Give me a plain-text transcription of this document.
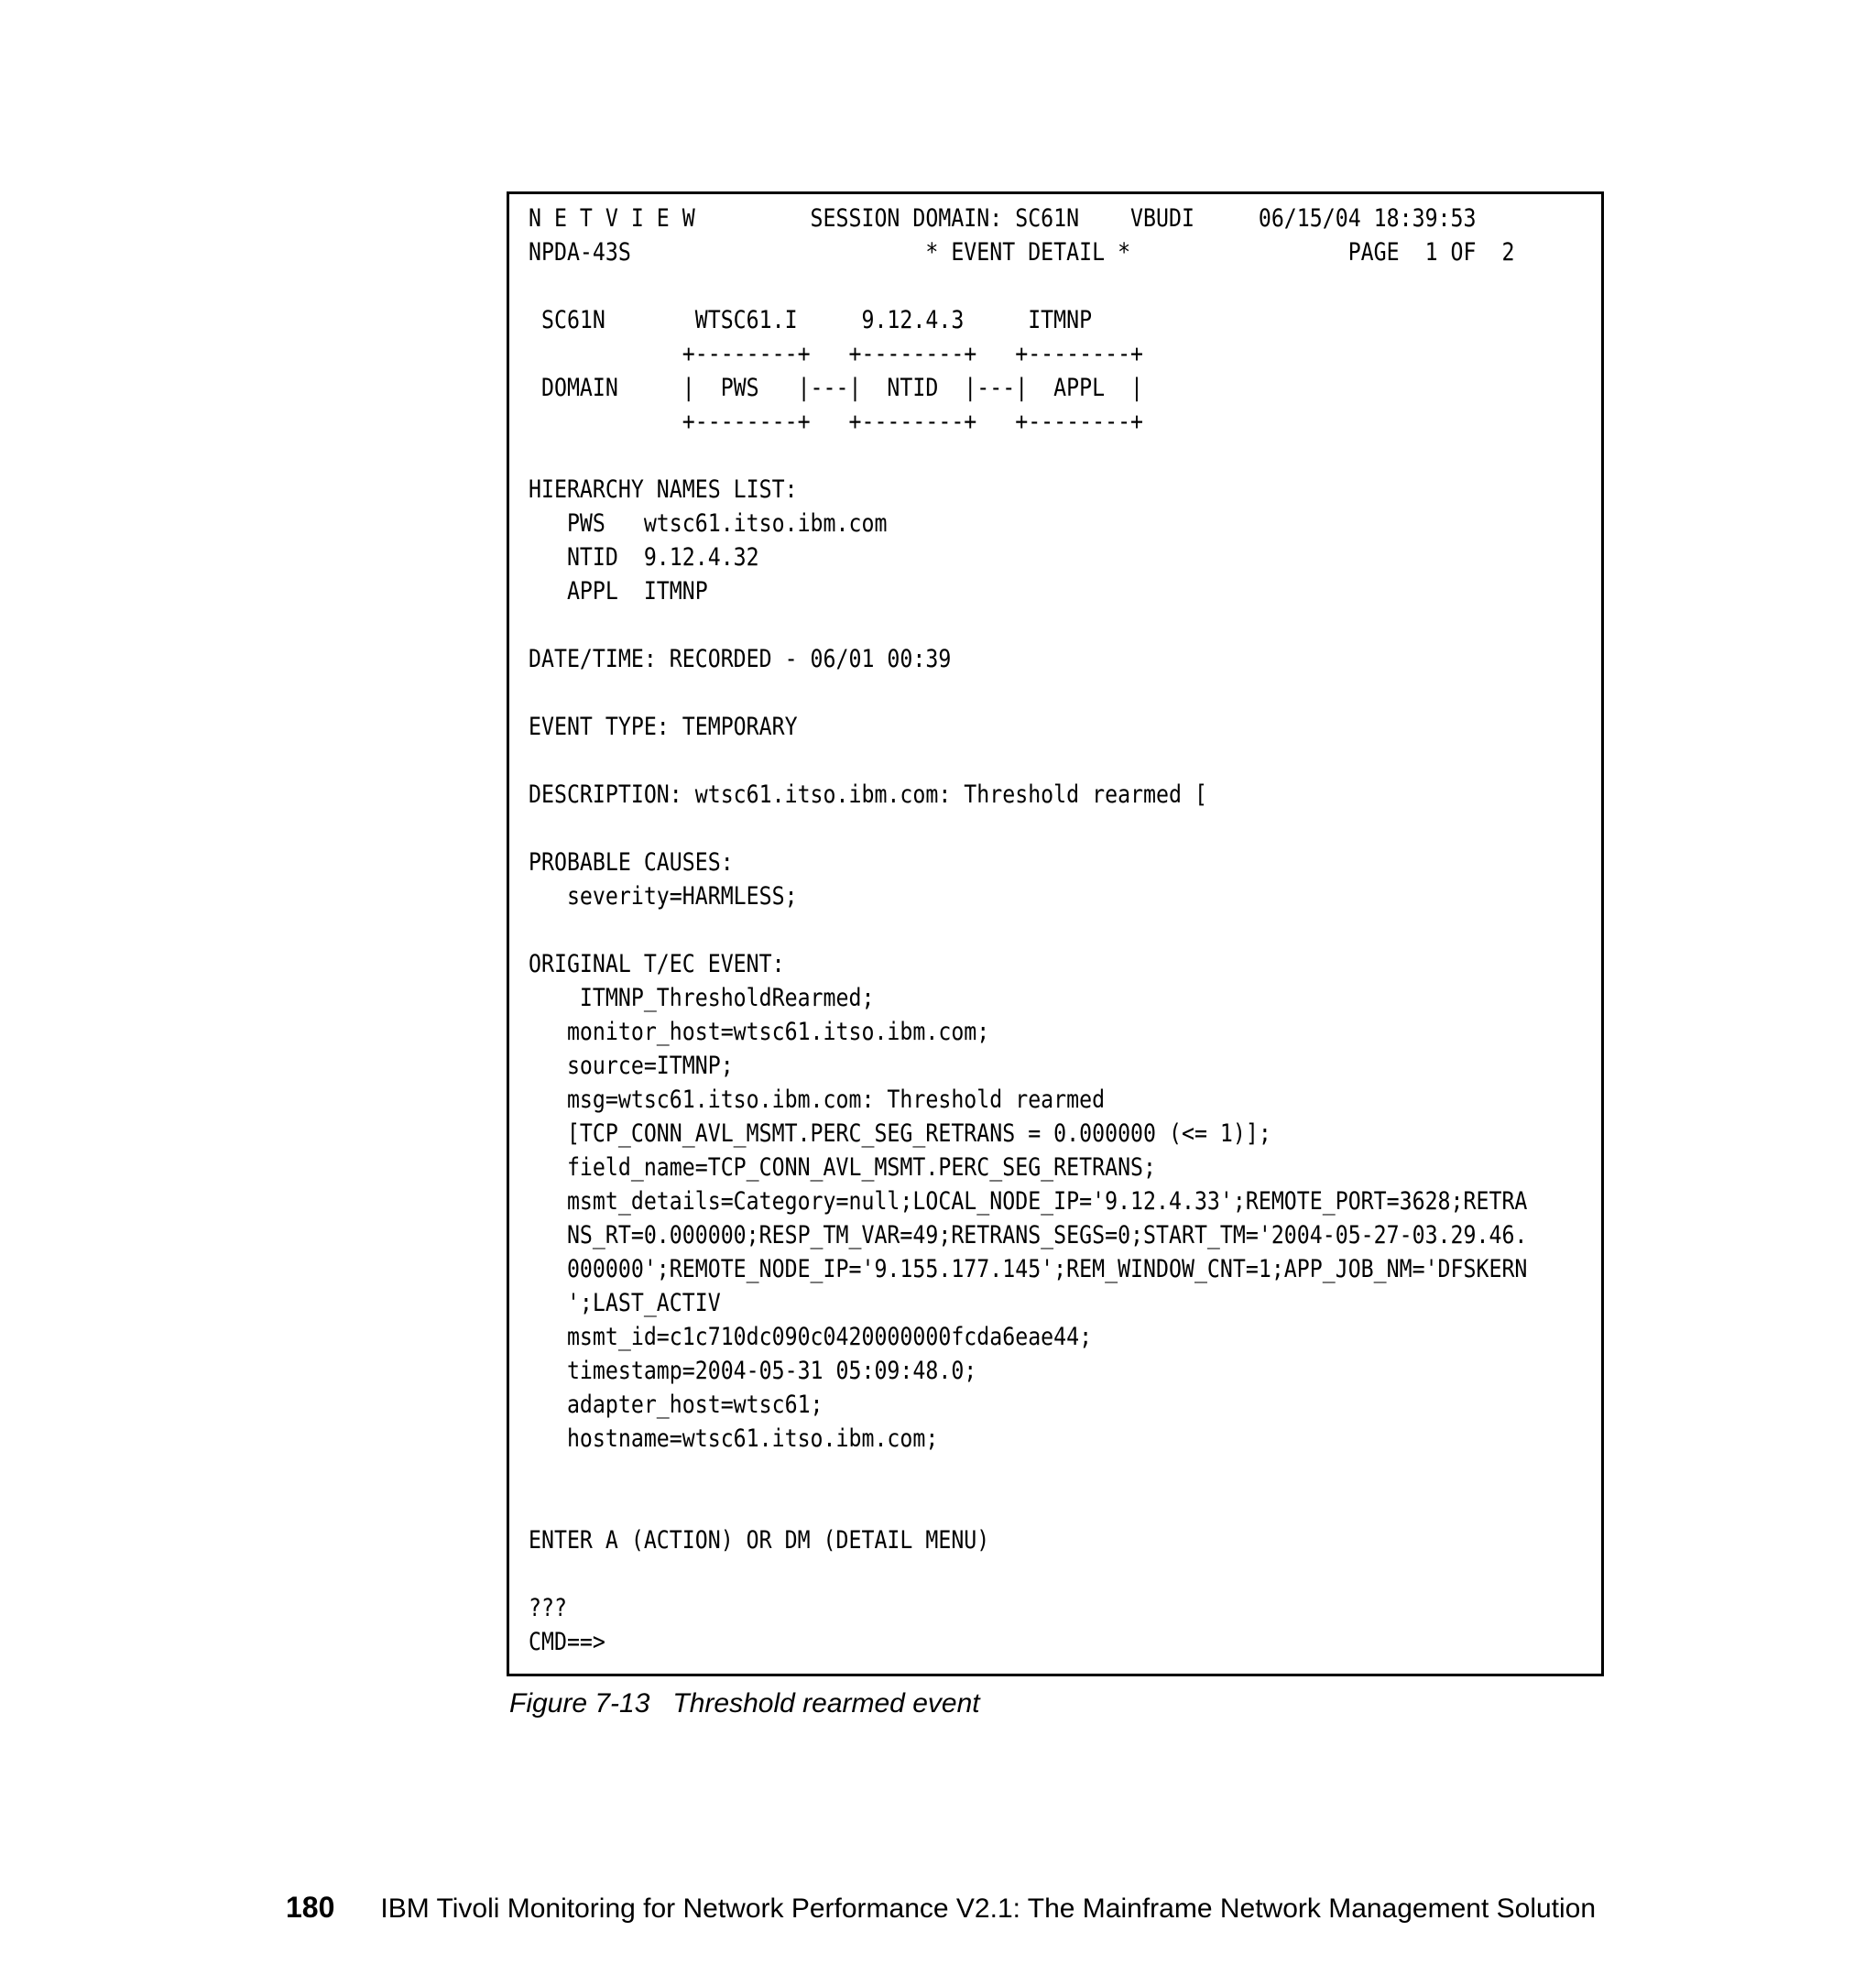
N E T V I E W         SESSION DOMAIN: SC61N    VBUDI     06/15/04 18:39:53
NPDA-43S                       * EVENT DETAIL *                 PAGE  1 OF  2
SC61N       WTSC61.I     9.12.4.3     ITMNP
+--------+   +--------+   +--------+
DOMAIN     |  PWS   |---|  NTID  |---|  APPL  |
+--------+   +--------+   +--------+
HIERARCHY NAMES LIST:
PWS   wtsc61.itso.ibm.com
NTID  9.12.4.32
APPL  ITMNP
DATE/TIME: RECORDED - 06/01 00:39
EVENT TYPE: TEMPORARY
DESCRIPTION: wtsc61.itso.ibm.com: Threshold rearmed [
PROBABLE CAUSES:
severity=HARMLESS;
ORIGINAL T/EC EVENT:
ITMNP_ThresholdRearmed;
monitor_host=wtsc61.itso.ibm.com;
source=ITMNP;
msg=wtsc61.itso.ibm.com: Threshold rearmed
[TCP_CONN_AVL_MSMT.PERC_SEG_RETRANS = 0.000000 (<= 1)];
field_name=TCP_CONN_AVL_MSMT.PERC_SEG_RETRANS;
msmt_details=Category=null;LOCAL_NODE_IP='9.12.4.33';REMOTE_PORT=3628;RETRA
NS_RT=0.000000;RESP_TM_VAR=49;RETRANS_SEGS=0;START_TM='2004-05-27-03.29.46.
000000';REMOTE_NODE_IP='9.155.177.145';REM_WINDOW_CNT=1;APP_JOB_NM='DFSKERN
';LAST_ACTIV
msmt_id=c1c710dc090c0420000000fcda6eae44;
timestamp=2004-05-31 05:09:48.0;
adapter_host=wtsc61;
hostname=wtsc61.itso.ibm.com;
ENTER A (ACTION) OR DM (DETAIL MENU)
???
CMD==>
Figure 7-13   Threshold rearmed event
180 IBM Tivoli Monitoring for Network Performance V2.1: The Mainframe Network Management Solution
